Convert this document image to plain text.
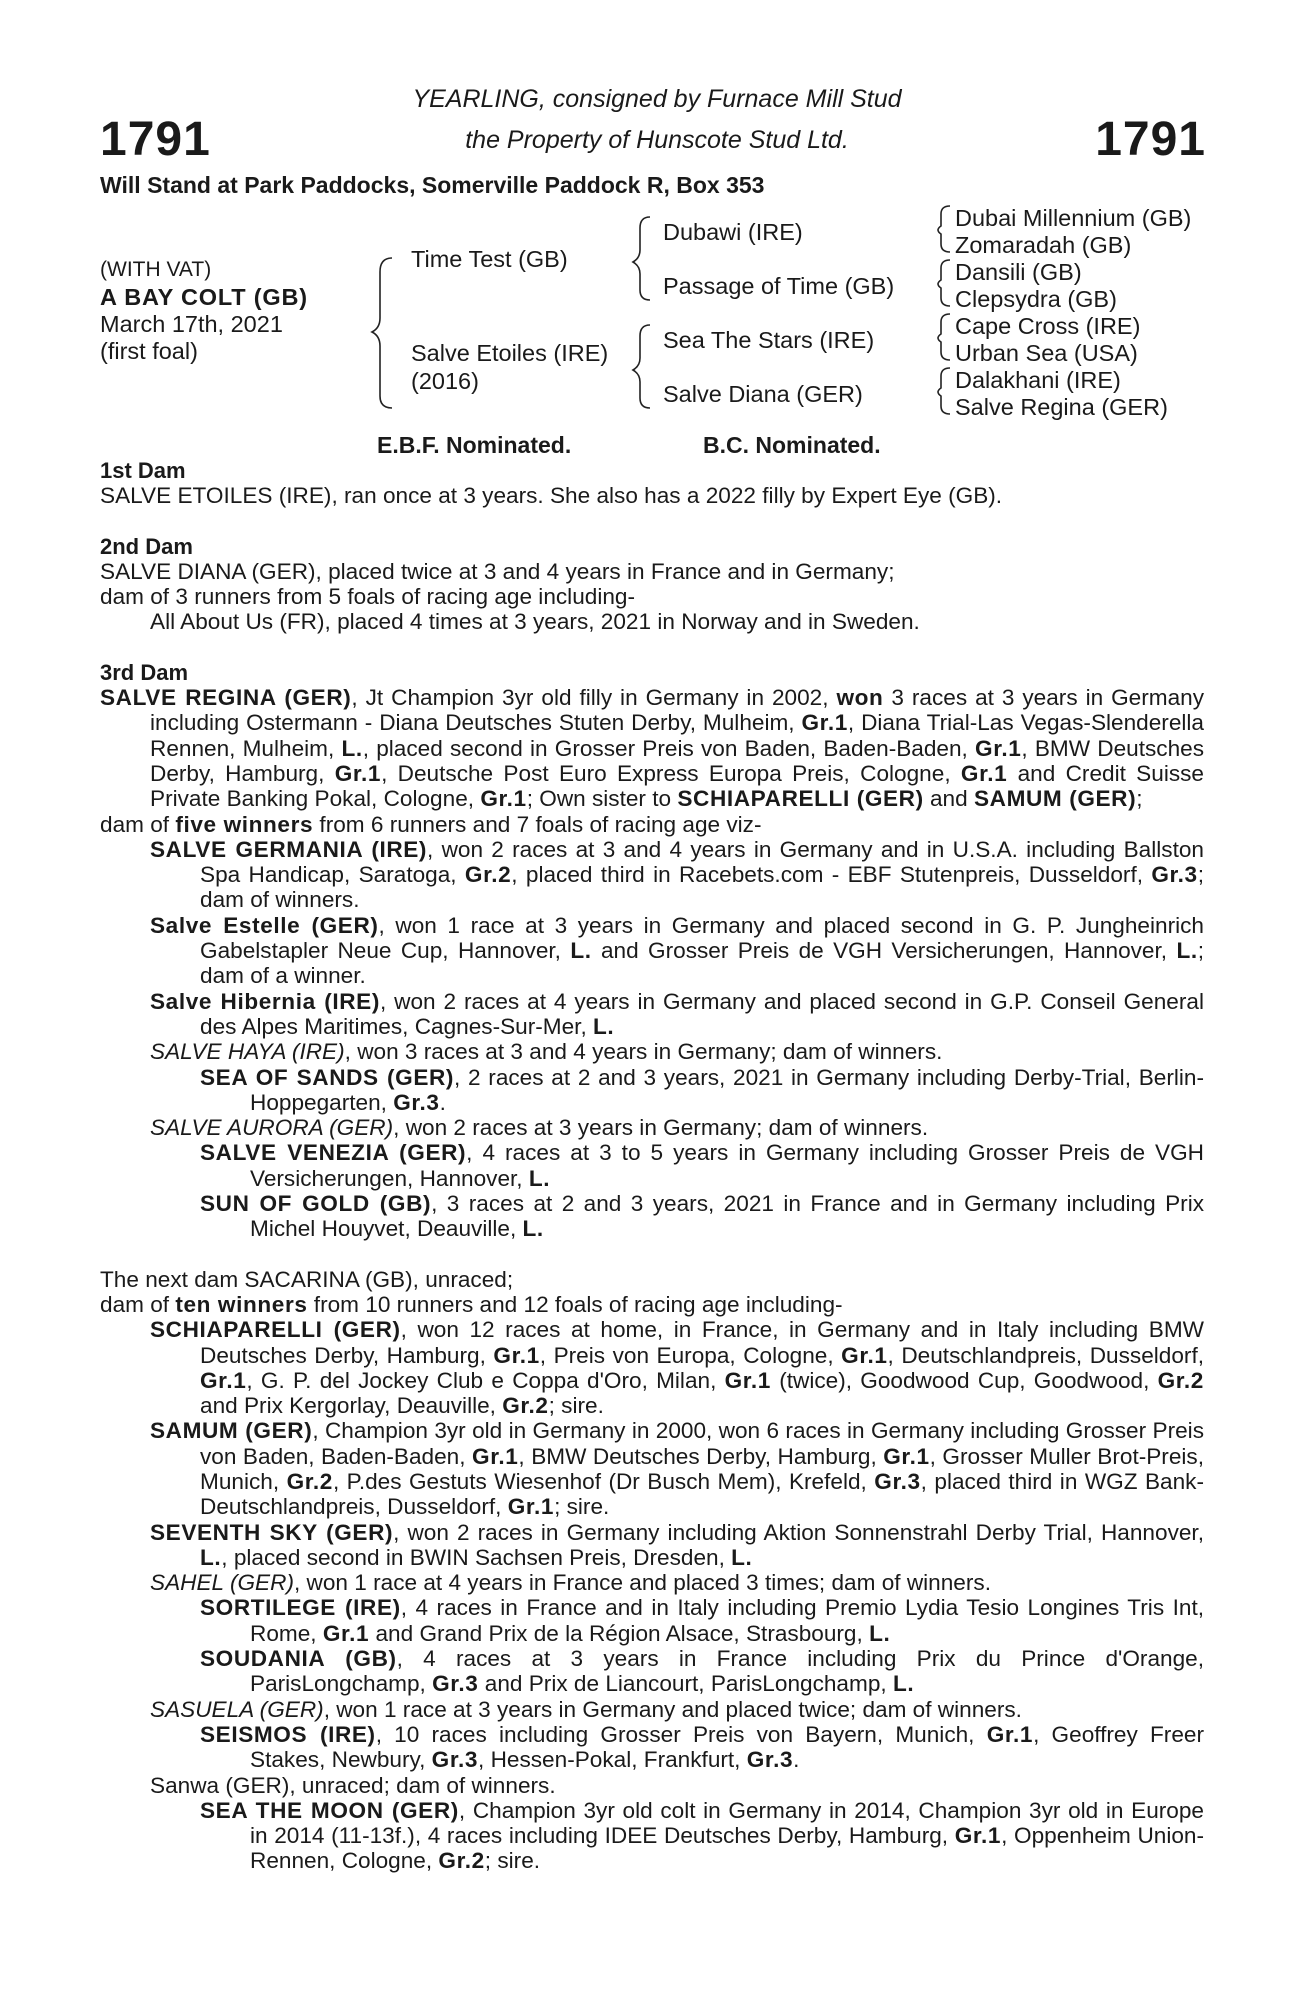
1791	1791
YEARLING, consigned by Furnace Mill Stud
the Property of Hunscote Stud Ltd.
Will Stand at Park Paddocks, Somerville Paddock R, Box 353
(WITH VAT)
A BAY COLT (GB)
March 17th, 2021
(first foal)
Time Test (GB)
Salve Etoiles (IRE)
(2016)
Dubawi (IRE)
Passage of Time (GB)
Sea The Stars (IRE)
Salve Diana (GER)
Dubai Millennium (GB)
Zomaradah (GB)
Dansili (GB)
Clepsydra (GB)
Cape Cross (IRE)
Urban Sea (USA)
Dalakhani (IRE)
Salve Regina (GER)
E.B.F. Nominated.	B.C. Nominated.
1st Dam

SALVE ETOILES (IRE), ran once at 3 years. She also has a 2022 filly by Expert Eye (GB).

2nd Dam

SALVE DIANA (GER), placed twice at 3 and 4 years in France and in Germany;

dam of 3 runners from 5 foals of racing age including-

All About Us (FR), placed 4 times at 3 years, 2021 in Norway and in Sweden.

3rd Dam

SALVE REGINA (GER), Jt Champion 3yr old filly in Germany in 2002, won 3 races at 3 years in Germany including Ostermann - Diana Deutsches Stuten Derby, Mulheim, Gr.1, Diana Trial-Las Vegas-Slenderella Rennen, Mulheim, L., placed second in Grosser Preis von Baden, Baden-Baden, Gr.1, BMW Deutsches Derby, Hamburg, Gr.1, Deutsche Post Euro Express Europa Preis, Cologne, Gr.1 and Credit Suisse Private Banking Pokal, Cologne, Gr.1; Own sister to SCHIAPARELLI (GER) and SAMUM (GER);

dam of five winners from 6 runners and 7 foals of racing age viz-

SALVE GERMANIA (IRE), won 2 races at 3 and 4 years in Germany and in U.S.A. including Ballston Spa Handicap, Saratoga, Gr.2, placed third in Racebets.com - EBF Stutenpreis, Dusseldorf, Gr.3; dam of winners.

Salve Estelle (GER), won 1 race at 3 years in Germany and placed second in G. P. Jungheinrich Gabelstapler Neue Cup, Hannover, L. and Grosser Preis de VGH Versicherungen, Hannover, L.; dam of a winner.

Salve Hibernia (IRE), won 2 races at 4 years in Germany and placed second in G.P. Conseil General des Alpes Maritimes, Cagnes-Sur-Mer, L.

SALVE HAYA (IRE), won 3 races at 3 and 4 years in Germany; dam of winners.

SEA OF SANDS (GER), 2 races at 2 and 3 years, 2021 in Germany including Derby-Trial, Berlin-Hoppegarten, Gr.3.

SALVE AURORA (GER), won 2 races at 3 years in Germany; dam of winners.

SALVE VENEZIA (GER), 4 races at 3 to 5 years in Germany including Grosser Preis de VGH Versicherungen, Hannover, L.

SUN OF GOLD (GB), 3 races at 2 and 3 years, 2021 in France and in Germany including Prix Michel Houyvet, Deauville, L.

The next dam SACARINA (GB), unraced;

dam of ten winners from 10 runners and 12 foals of racing age including-

SCHIAPARELLI (GER), won 12 races at home, in France, in Germany and in Italy including BMW Deutsches Derby, Hamburg, Gr.1, Preis von Europa, Cologne, Gr.1, Deutschlandpreis, Dusseldorf, Gr.1, G. P. del Jockey Club e Coppa d'Oro, Milan, Gr.1 (twice), Goodwood Cup, Goodwood, Gr.2 and Prix Kergorlay, Deauville, Gr.2; sire.

SAMUM (GER), Champion 3yr old in Germany in 2000, won 6 races in Germany including Grosser Preis von Baden, Baden-Baden, Gr.1, BMW Deutsches Derby, Hamburg, Gr.1, Grosser Muller Brot-Preis, Munich, Gr.2, P.des Gestuts Wiesenhof (Dr Busch Mem), Krefeld, Gr.3, placed third in WGZ Bank-Deutschlandpreis, Dusseldorf, Gr.1; sire.

SEVENTH SKY (GER), won 2 races in Germany including Aktion Sonnenstrahl Derby Trial, Hannover, L., placed second in BWIN Sachsen Preis, Dresden, L.

SAHEL (GER), won 1 race at 4 years in France and placed 3 times; dam of winners.

SORTILEGE (IRE), 4 races in France and in Italy including Premio Lydia Tesio Longines Tris Int, Rome, Gr.1 and Grand Prix de la Région Alsace, Strasbourg, L.

SOUDANIA (GB), 4 races at 3 years in France including Prix du Prince d'Orange, ParisLongchamp, Gr.3 and Prix de Liancourt, ParisLongchamp, L.

SASUELA (GER), won 1 race at 3 years in Germany and placed twice; dam of winners.

SEISMOS (IRE), 10 races including Grosser Preis von Bayern, Munich, Gr.1, Geoffrey Freer Stakes, Newbury, Gr.3, Hessen-Pokal, Frankfurt, Gr.3.

Sanwa (GER), unraced; dam of winners.

SEA THE MOON (GER), Champion 3yr old colt in Germany in 2014, Champion 3yr old in Europe in 2014 (11-13f.), 4 races including IDEE Deutsches Derby, Hamburg, Gr.1, Oppenheim Union-Rennen, Cologne, Gr.2; sire.
